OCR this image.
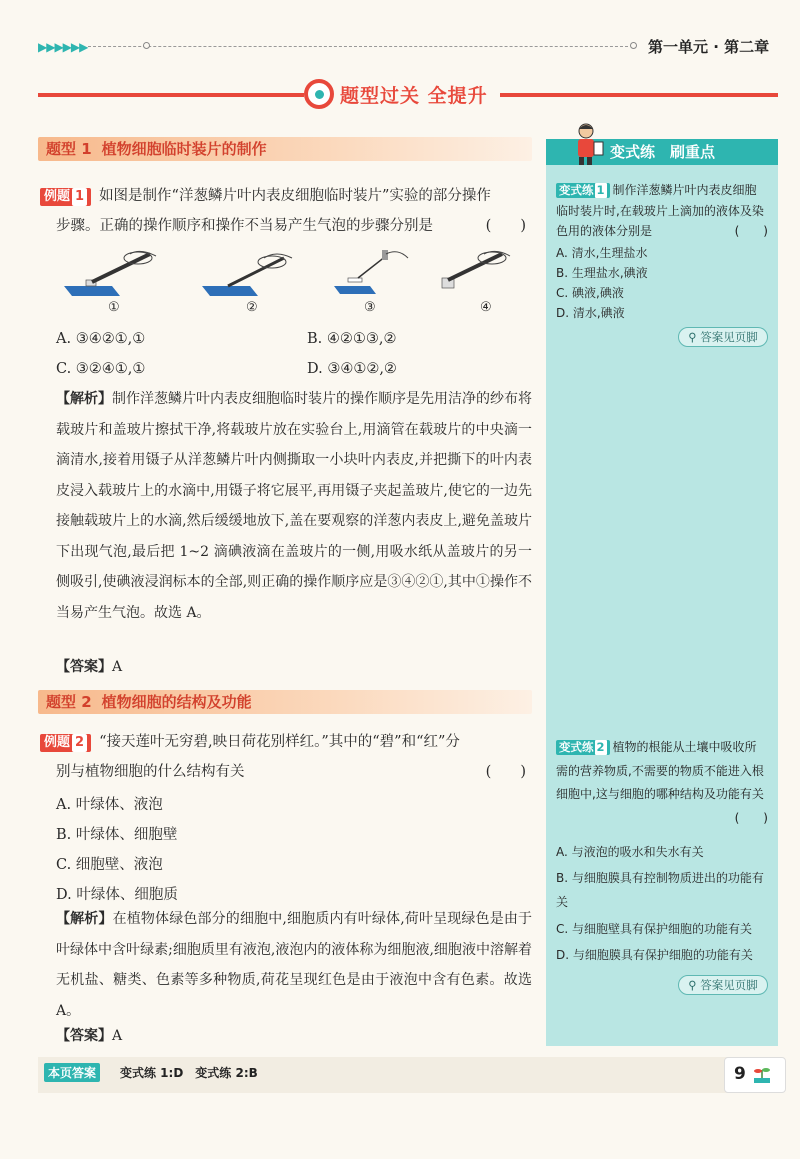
▶▶▶▶▶▶	第一单元 · 第二章
题型过关 全提升
题型 1 植物细胞临时装片的制作
例题 1 如图是制作“洋葱鳞片叶内表皮细胞临时装片”实验的部分操作
步骤。正确的操作顺序和操作不当易产生气泡的步骤分别是	(　　)
①	②	③	④
A. ③④②①,①	B. ④②①③,②
C. ③②④①,①	D. ③④①②,②
【解析】制作洋葱鳞片叶内表皮细胞临时装片的操作顺序是先用洁净的纱布将载玻片和盖玻片擦拭干净,将载玻片放在实验台上,用滴管在载玻片的中央滴一滴清水,接着用镊子从洋葱鳞片叶内侧撕取一小块叶内表皮,并把撕下的叶内表皮浸入载玻片上的水滴中,用镊子将它展平,再用镊子夹起盖玻片,使它的一边先接触载玻片上的水滴,然后缓缓地放下,盖在要观察的洋葱内表皮上,避免盖玻片下出现气泡,最后把 1~2 滴碘液滴在盖玻片的一侧,用吸水纸从盖玻片的另一侧吸引,使碘液浸润标本的全部,则正确的操作顺序应是③④②①,其中①操作不当易产生气泡。故选 A。
【答案】A
题型 2 植物细胞的结构及功能
例题 2 “接天莲叶无穷碧,映日荷花别样红。”其中的“碧”和“红”分
别与植物细胞的什么结构有关	(　　)
A. 叶绿体、液泡
B. 叶绿体、细胞壁
C. 细胞壁、液泡
D. 叶绿体、细胞质
【解析】在植物体绿色部分的细胞中,细胞质内有叶绿体,荷叶呈现绿色是由于叶绿体中含叶绿素;细胞质里有液泡,液泡内的液体称为细胞液,细胞液中溶解着无机盐、糖类、色素等多种物质,荷花呈现红色是由于液泡中含有色素。故选 A。
【答案】A
变式练　刷重点
变式练 1 制作洋葱鳞片叶内表皮细胞临时装片时,在载玻片上滴加的液体及染色用的液体分别是	(　　)
A. 清水,生理盐水
B. 生理盐水,碘液
C. 碘液,碘液
D. 清水,碘液
⚲ 答案见页脚
变式练 2 植物的根能从土壤中吸收所需的营养物质,不需要的物质不能进入根细胞中,这与细胞的哪种结构及功能有关
(　　)
A. 与液泡的吸水和失水有关
B. 与细胞膜具有控制物质进出的功能有关
C. 与细胞壁具有保护细胞的功能有关
D. 与细胞膜具有保护细胞的功能有关
⚲ 答案见页脚
本页答案	变式练 1:D　变式练 2:B	9
